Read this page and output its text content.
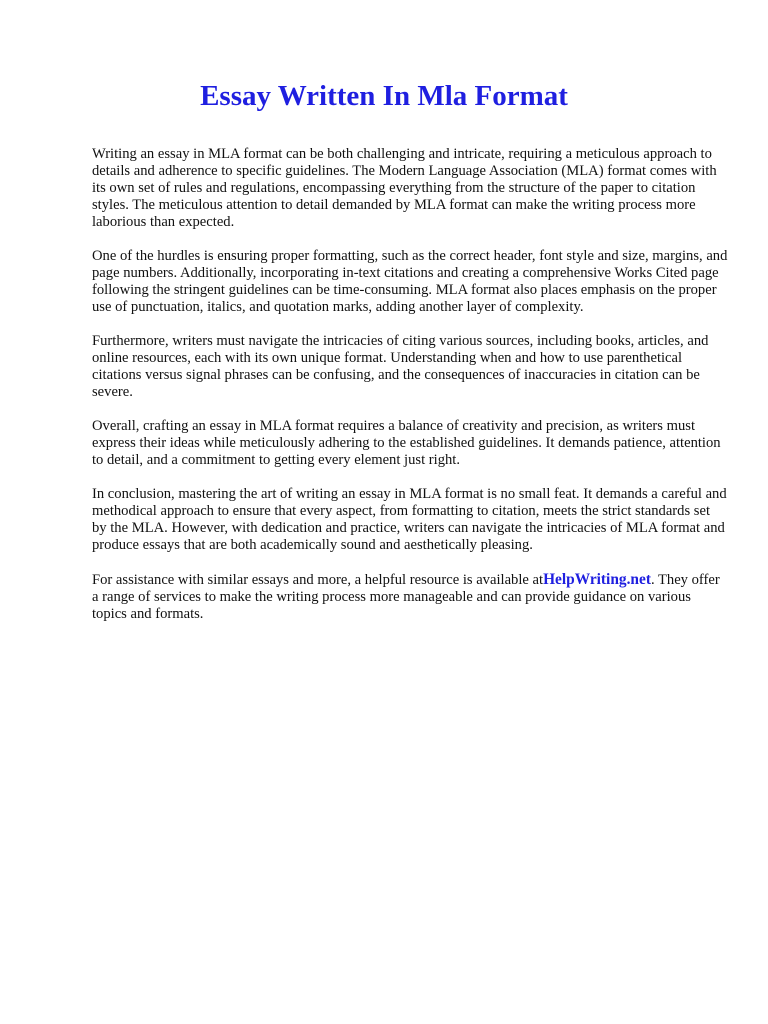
Essay Written In Mla Format

Writing an essay in MLA format can be both challenging and intricate, requiring a meticulous approach to details and adherence to specific guidelines. The Modern Language Association (MLA) format comes with its own set of rules and regulations, encompassing everything from the structure of the paper to citation styles. The meticulous attention to detail demanded by MLA format can make the writing process more laborious than expected.

One of the hurdles is ensuring proper formatting, such as the correct header, font style and size, margins, and page numbers. Additionally, incorporating in-text citations and creating a comprehensive Works Cited page following the stringent guidelines can be time-consuming. MLA format also places emphasis on the proper use of punctuation, italics, and quotation marks, adding another layer of complexity.

Furthermore, writers must navigate the intricacies of citing various sources, including books, articles, and online resources, each with its own unique format. Understanding when and how to use parenthetical citations versus signal phrases can be confusing, and the consequences of inaccuracies in citation can be severe.

Overall, crafting an essay in MLA format requires a balance of creativity and precision, as writers must express their ideas while meticulously adhering to the established guidelines. It demands patience, attention to detail, and a commitment to getting every element just right.

In conclusion, mastering the art of writing an essay in MLA format is no small feat. It demands a careful and methodical approach to ensure that every aspect, from formatting to citation, meets the strict standards set by the MLA. However, with dedication and practice, writers can navigate the intricacies of MLA format and produce essays that are both academically sound and aesthetically pleasing.

For assistance with similar essays and more, a helpful resource is available atHelpWriting.net. They offer a range of services to make the writing process more manageable and can provide guidance on various topics and formats.
